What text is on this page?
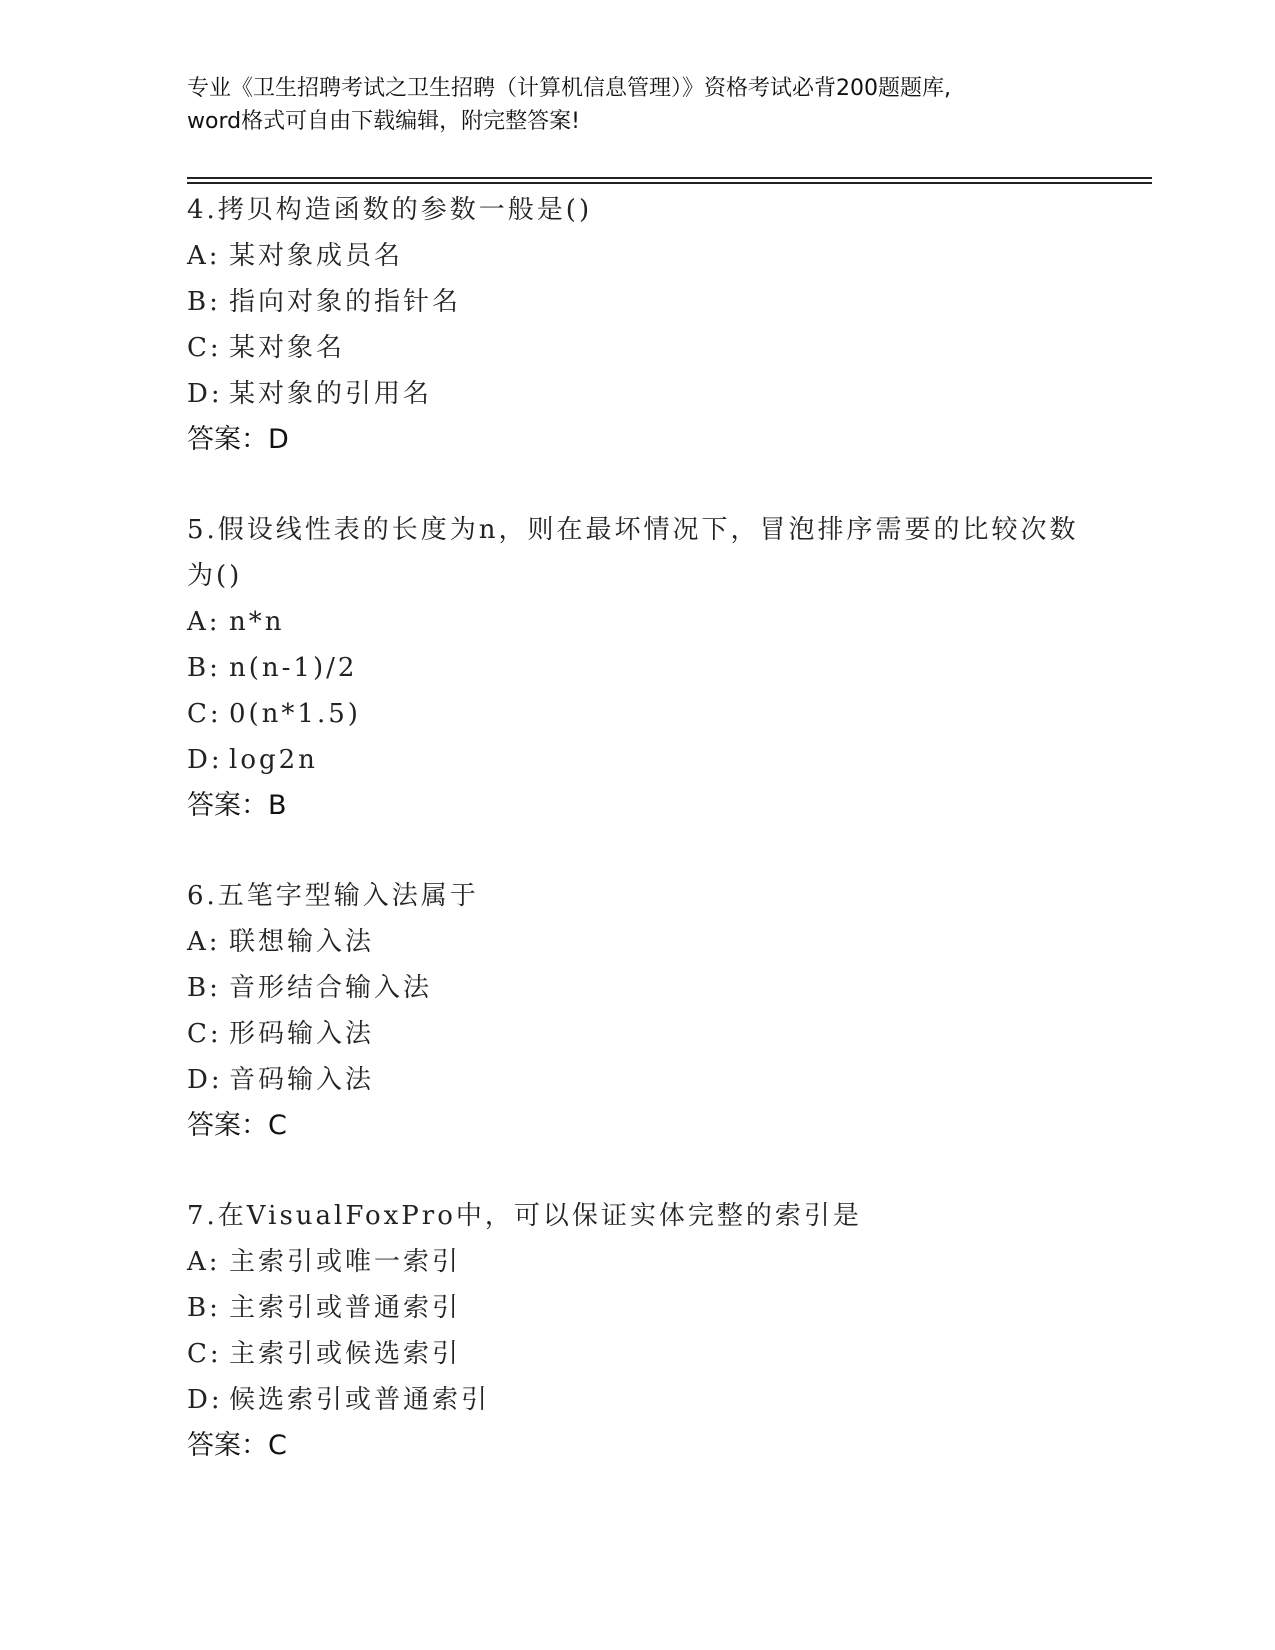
专业《卫生招聘考试之卫生招聘（计算机信息管理）》资格考试必背200题题库,
word格式可自由下载编辑，附完整答案!
4.拷贝构造函数的参数一般是()
A: 某对象成员名
B: 指向对象的指针名
C: 某对象名
D: 某对象的引用名
答案：D
5.假设线性表的长度为n，则在最坏情况下，冒泡排序需要的比较次数为()
A: n*n
B: n(n-1)/2
C: 0(n*1.5)
D: log2n
答案：B
6.五笔字型输入法属于
A: 联想输入法
B: 音形结合输入法
C: 形码输入法
D: 音码输入法
答案：C
7.在VisualFoxPro中，可以保证实体完整的索引是
A: 主索引或唯一索引
B: 主索引或普通索引
C: 主索引或候选索引
D: 候选索引或普通索引
答案：C
